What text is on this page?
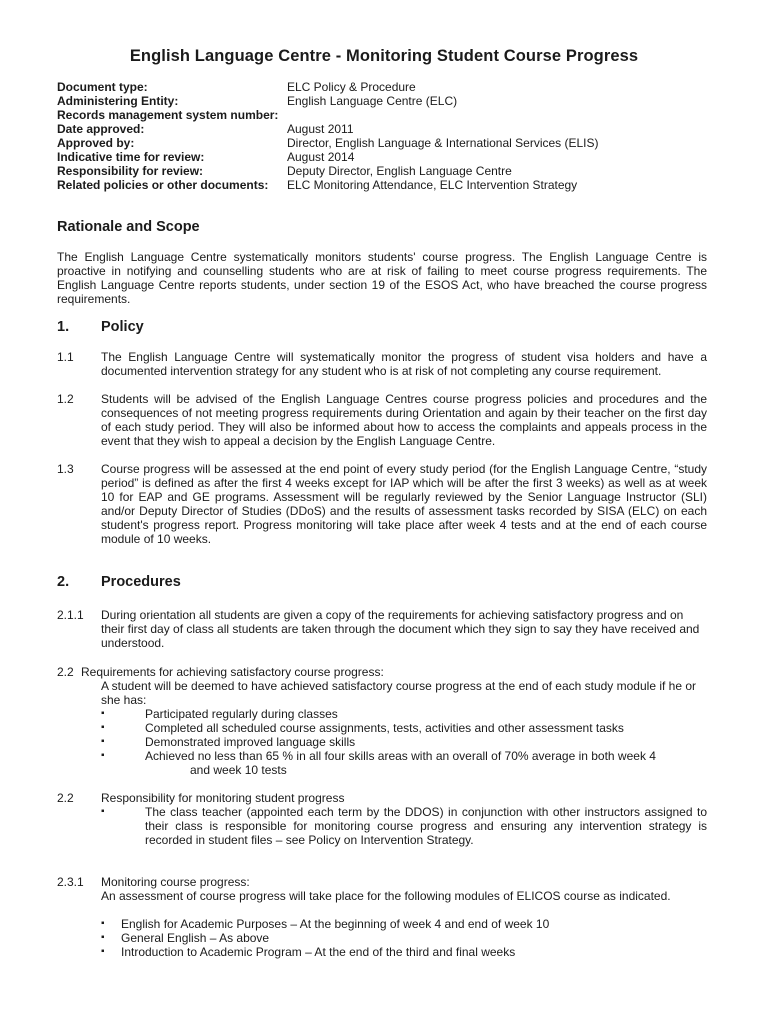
English Language Centre - Monitoring Student Course Progress
Document type:	ELC Policy & Procedure
Administering Entity:	English Language Centre (ELC)
Records management system number:
Date approved:	August 2011
Approved by:	Director, English Language & International Services (ELIS)
Indicative time for review:	August 2014
Responsibility for review:	Deputy Director, English Language Centre
Related policies or other documents: ELC Monitoring Attendance, ELC Intervention Strategy
Rationale and Scope
The English Language Centre systematically monitors students' course progress. The English Language Centre is proactive in notifying and counselling students who are at risk of failing to meet course progress requirements. The English Language Centre reports students, under section 19 of the ESOS Act, who have breached the course progress requirements.
1. Policy
1.1 The English Language Centre will systematically monitor the progress of student visa holders and have a documented intervention strategy for any student who is at risk of not completing any course requirement.
1.2 Students will be advised of the English Language Centres course progress policies and procedures and the consequences of not meeting progress requirements during Orientation and again by their teacher on the first day of each study period. They will also be informed about how to access the complaints and appeals process in the event that they wish to appeal a decision by the English Language Centre.
1.3 Course progress will be assessed at the end point of every study period (for the English Language Centre, “study period” is defined as after the first 4 weeks except for IAP which will be after the first 3 weeks) as well as at week 10 for EAP and GE programs. Assessment will be regularly reviewed by the Senior Language Instructor (SLI) and/or Deputy Director of Studies (DDoS) and the results of assessment tasks recorded by SISA (ELC) on each student's progress report. Progress monitoring will take place after week 4 tests and at the end of each course module of 10 weeks.
2. Procedures
2.1.1 During orientation all students are given a copy of the requirements for achieving satisfactory progress and on their first day of class all students are taken through the document which they sign to say they have received and understood.
2.2 Requirements for achieving satisfactory course progress:
A student will be deemed to have achieved satisfactory course progress at the end of each study module if he or she has:
▪	Participated regularly during classes
▪	Completed all scheduled course assignments, tests, activities and other assessment tasks
▪	Demonstrated improved language skills
▪	Achieved no less than 65 % in all four skills areas with an overall of 70% average in both week 4
and week 10 tests
2.2 Responsibility for monitoring student progress
▪	The class teacher (appointed each term by the DDOS) in conjunction with other instructors assigned to their class is responsible for monitoring course progress and ensuring any intervention strategy is recorded in student files – see Policy on Intervention Strategy.
2.3.1 Monitoring course progress:
An assessment of course progress will take place for the following modules of ELICOS course as indicated.
▪ English for Academic Purposes – At the beginning of week 4 and end of week 10
▪ General English – As above
▪ Introduction to Academic Program – At the end of the third and final weeks
